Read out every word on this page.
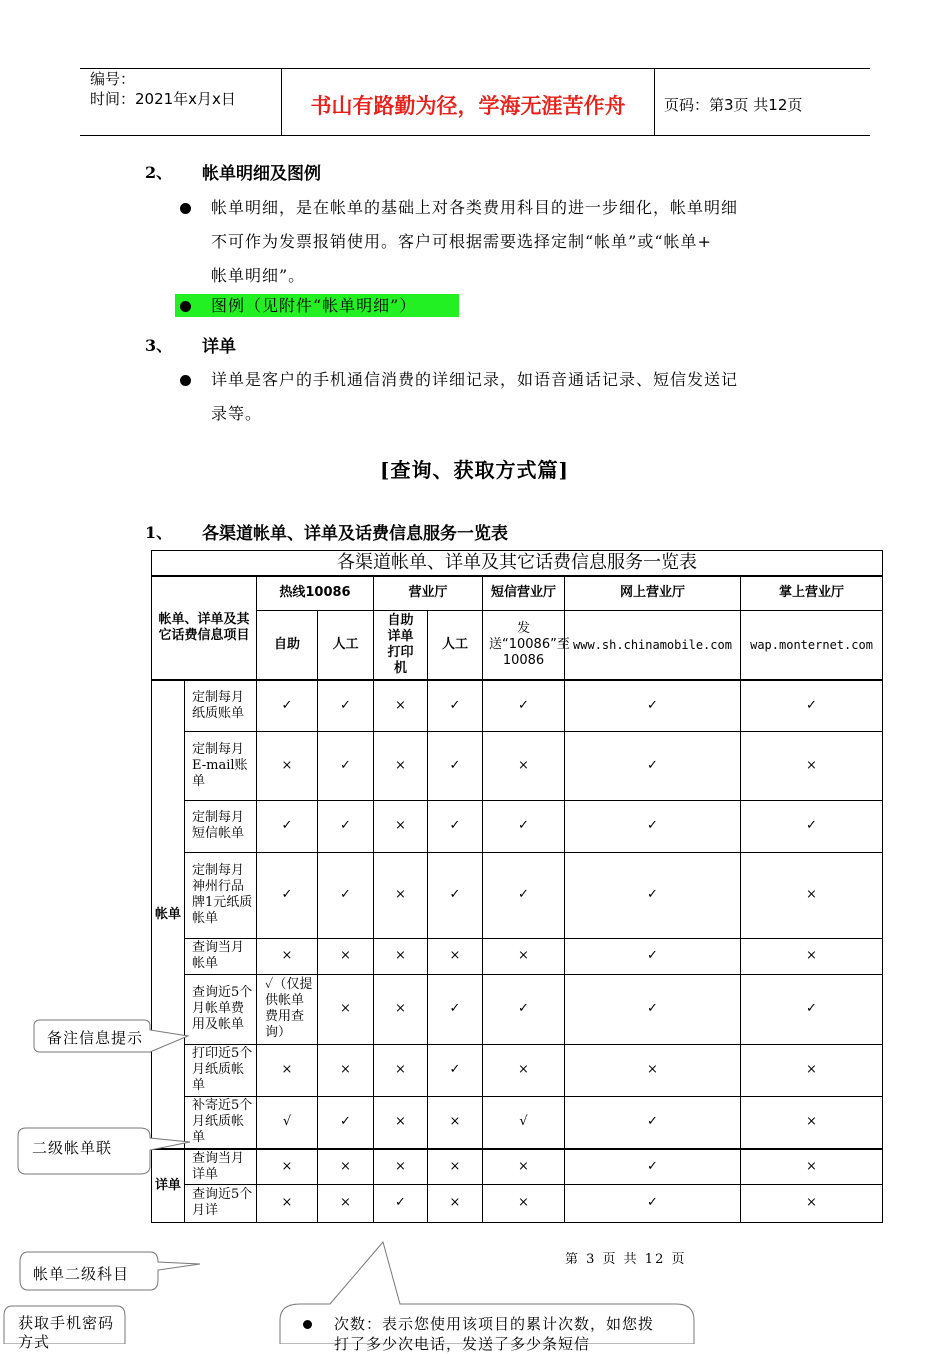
编号：
时间：2021年x月x日	书山有路勤为径，学海无涯苦作舟	页码：第3页 共12页
2、 帐单明细及图例
帐单明细，是在帐单的基础上对各类费用科目的进一步细化，帐单明细
不可作为发票报销使用。客户可根据需要选择定制“帐单”或“帐单+
帐单明细”。
图例（见附件“帐单明细”）
3、 详单
详单是客户的手机通信消费的详细记录，如语音通话记录、短信发送记
录等。
[查询、获取方式篇]
1、 各渠道帐单、详单及话费信息服务一览表
各渠道帐单、详单及其它话费信息服务一览表								
帐单、详单及其它话费信息项目		热线10086		营业厅		短信营业厅	网上营业厅	掌上营业厅
		自助	人工	自助详单打印机	人工	发送“10086”至10086	www.sh.chinamobile.com	wap.monternet.com
帐单	定制每月纸质账单	✓	✓	×	✓	✓	✓	✓
	定制每月E-mail账单	×	✓	×	✓	×	✓	×
	定制每月短信帐单	✓	✓	×	✓	✓	✓	✓
	定制每月神州行品牌1元纸质帐单	✓	✓	×	✓	✓	✓	×
	查询当月帐单	×	×	×	×	×	✓	×
	查询近5个月帐单费用及帐单	✓（仅提供帐单费用查询）	×	×	✓	✓	✓	✓
	打印近5个月纸质帐单	×	×	×	✓	×	×	×
	补寄近5个月纸质帐单	√	✓	×	×	√	✓	×
详单	查询当月详单	×	×	×	×	×	✓	×
	查询近5个月详	×	×	✓	×	×	✓	×
第 3 页 共 12 页
备注信息提示
二级帐单联
帐单二级科目
获取手机密码方式
次数：表示您使用该项目的累计次数，如您拨
打了多少次电话，发送了多少条短信
